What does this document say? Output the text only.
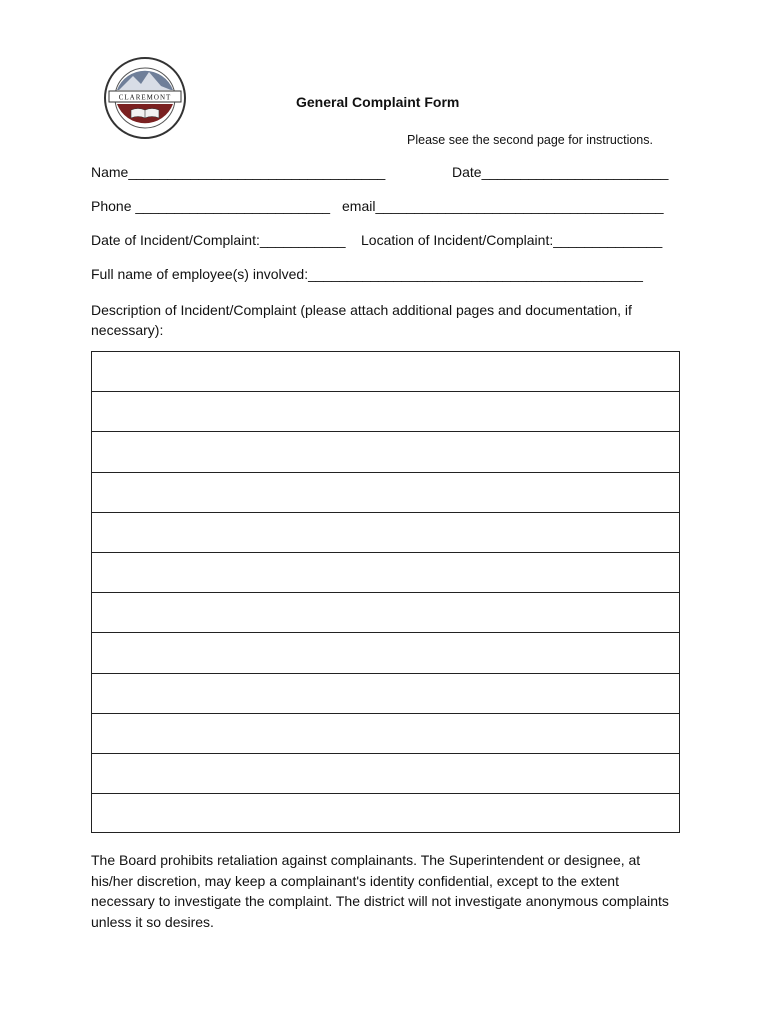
CLAREMONT	General Complaint Form
Please see the second page for instructions.
Name_________________________________	Date________________________
Phone _________________________ email_____________________________________
Date of Incident/Complaint:___________ Location of Incident/Complaint:______________
Full name of employee(s) involved:___________________________________________
Description of Incident/Complaint (please attach additional pages and documentation, if necessary):
The Board prohibits retaliation against complainants. The Superintendent or designee, at his/her discretion, may keep a complainant's identity confidential, except to the extent necessary to investigate the complaint. The district will not investigate anonymous complaints unless it so desires.
